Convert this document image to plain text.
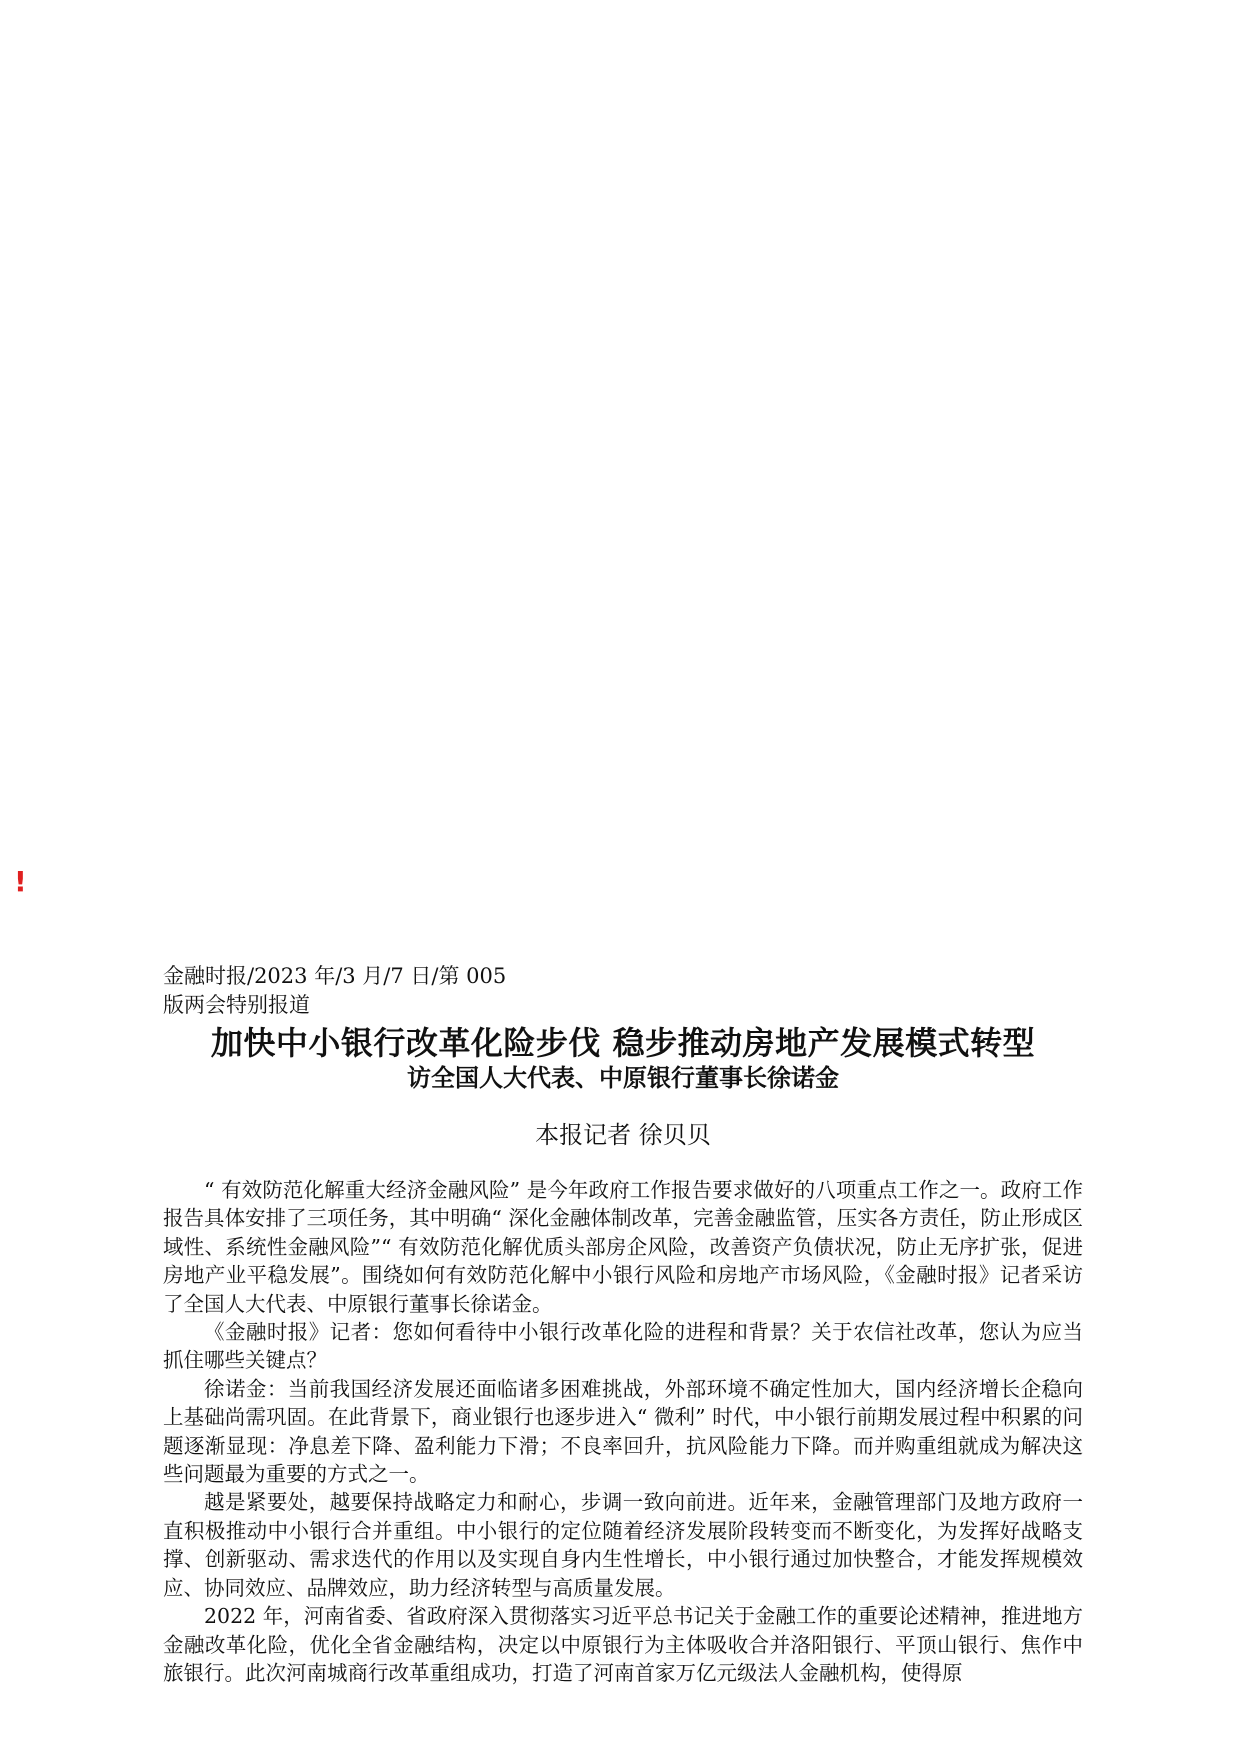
!
金融时报/2023 年/3 月/7 日/第 005
版两会特别报道
加快中小银行改革化险步伐 稳步推动房地产发展模式转型
访全国人大代表、中原银行董事长徐诺金
本报记者 徐贝贝

“ 有效防范化解重大经济金融风险” 是今年政府工作报告要求做好的八项重点工作之一。政府工作报告具体安排了三项任务，其中明确“ 深化金融体制改革，完善金融监管，压实各方责任，防止形成区域性、系统性金融风险”“ 有效防范化解优质头部房企风险，改善资产负债状况，防止无序扩张，促进房地产业平稳发展”。围绕如何有效防范化解中小银行风险和房地产市场风险，《金融时报》记者采访了全国人大代表、中原银行董事长徐诺金。

《金融时报》记者：您如何看待中小银行改革化险的进程和背景？关于农信社改革，您认为应当抓住哪些关键点？

徐诺金：当前我国经济发展还面临诸多困难挑战，外部环境不确定性加大，国内经济增长企稳向上基础尚需巩固。在此背景下，商业银行也逐步进入“ 微利” 时代，中小银行前期发展过程中积累的问题逐渐显现：净息差下降、盈利能力下滑；不良率回升，抗风险能力下降。而并购重组就成为解决这些问题最为重要的方式之一。

越是紧要处，越要保持战略定力和耐心，步调一致向前进。近年来，金融管理部门及地方政府一直积极推动中小银行合并重组。中小银行的定位随着经济发展阶段转变而不断变化，为发挥好战略支撑、创新驱动、需求迭代的作用以及实现自身内生性增长，中小银行通过加快整合，才能发挥规模效应、协同效应、品牌效应，助力经济转型与高质量发展。

2022 年，河南省委、省政府深入贯彻落实习近平总书记关于金融工作的重要论述精神，推进地方金融改革化险，优化全省金融结构，决定以中原银行为主体吸收合并洛阳银行、平顶山银行、焦作中旅银行。此次河南城商行改革重组成功，打造了河南首家万亿元级法人金融机构，使得原
